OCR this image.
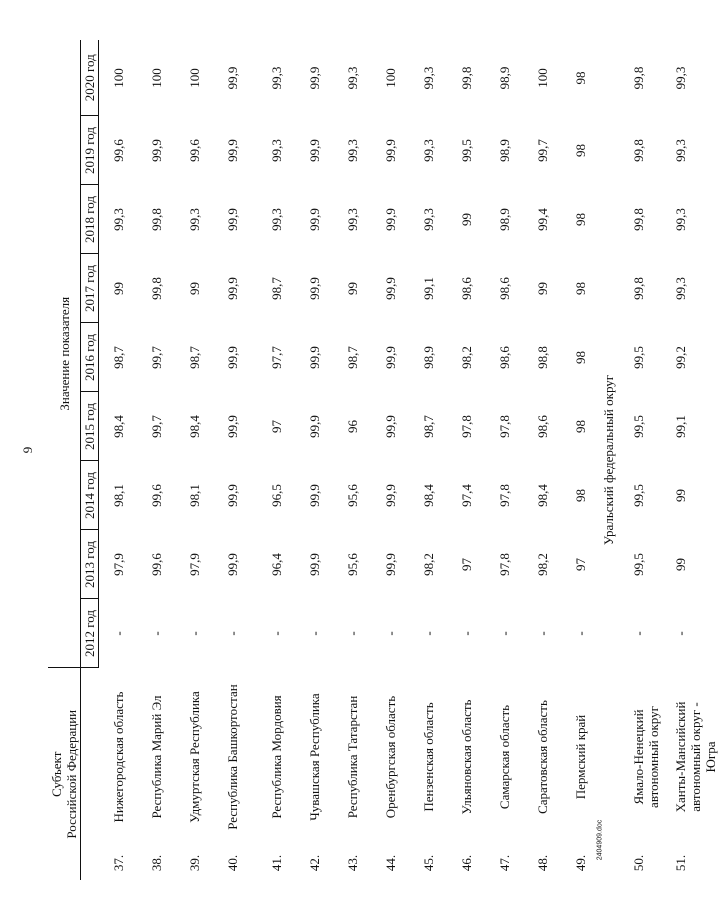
9
2404909.doc
Субъект Российской Федерации		Значение показателя								
		2012 год	2013 год	2014 год	2015 год	2016 год	2017 год	2018 год	2019 год	2020 год
37.	Нижегородская область	-	97,9	98,1	98,4	98,7	99	99,3	99,6	100
38.	Республика Марий Эл	-	99,6	99,6	99,7	99,7	99,8	99,8	99,9	100
39.	Удмуртская Республика	-	97,9	98,1	98,4	98,7	99	99,3	99,6	100
40.	Республика Башкортостан	-	99,9	99,9	99,9	99,9	99,9	99,9	99,9	99,9
41.	Республика Мордовия	-	96,4	96,5	97	97,7	98,7	99,3	99,3	99,3
42.	Чувашская Республика	-	99,9	99,9	99,9	99,9	99,9	99,9	99,9	99,9
43.	Республика Татарстан	-	95,6	95,6	96	98,7	99	99,3	99,3	99,3
44.	Оренбургская область	-	99,9	99,9	99,9	99,9	99,9	99,9	99,9	100
45.	Пензенская область	-	98,2	98,4	98,7	98,9	99,1	99,3	99,3	99,3
46.	Ульяновская область	-	97	97,4	97,8	98,2	98,6	99	99,5	99,8
47.	Самарская область	-	97,8	97,8	97,8	98,6	98,6	98,9	98,9	98,9
48.	Саратовская область	-	98,2	98,4	98,6	98,8	99	99,4	99,7	100
49.	Пермский край	-	97	98	98	98	98	98	98	98
Уральский федеральный округ										
50.	Ямало-Ненецкий автономный округ	-	99,5	99,5	99,5	99,5	99,8	99,8	99,8	99,8
51.	Ханты-Мансийский автономный округ - Югра	-	99	99	99,1	99,2	99,3	99,3	99,3	99,3
